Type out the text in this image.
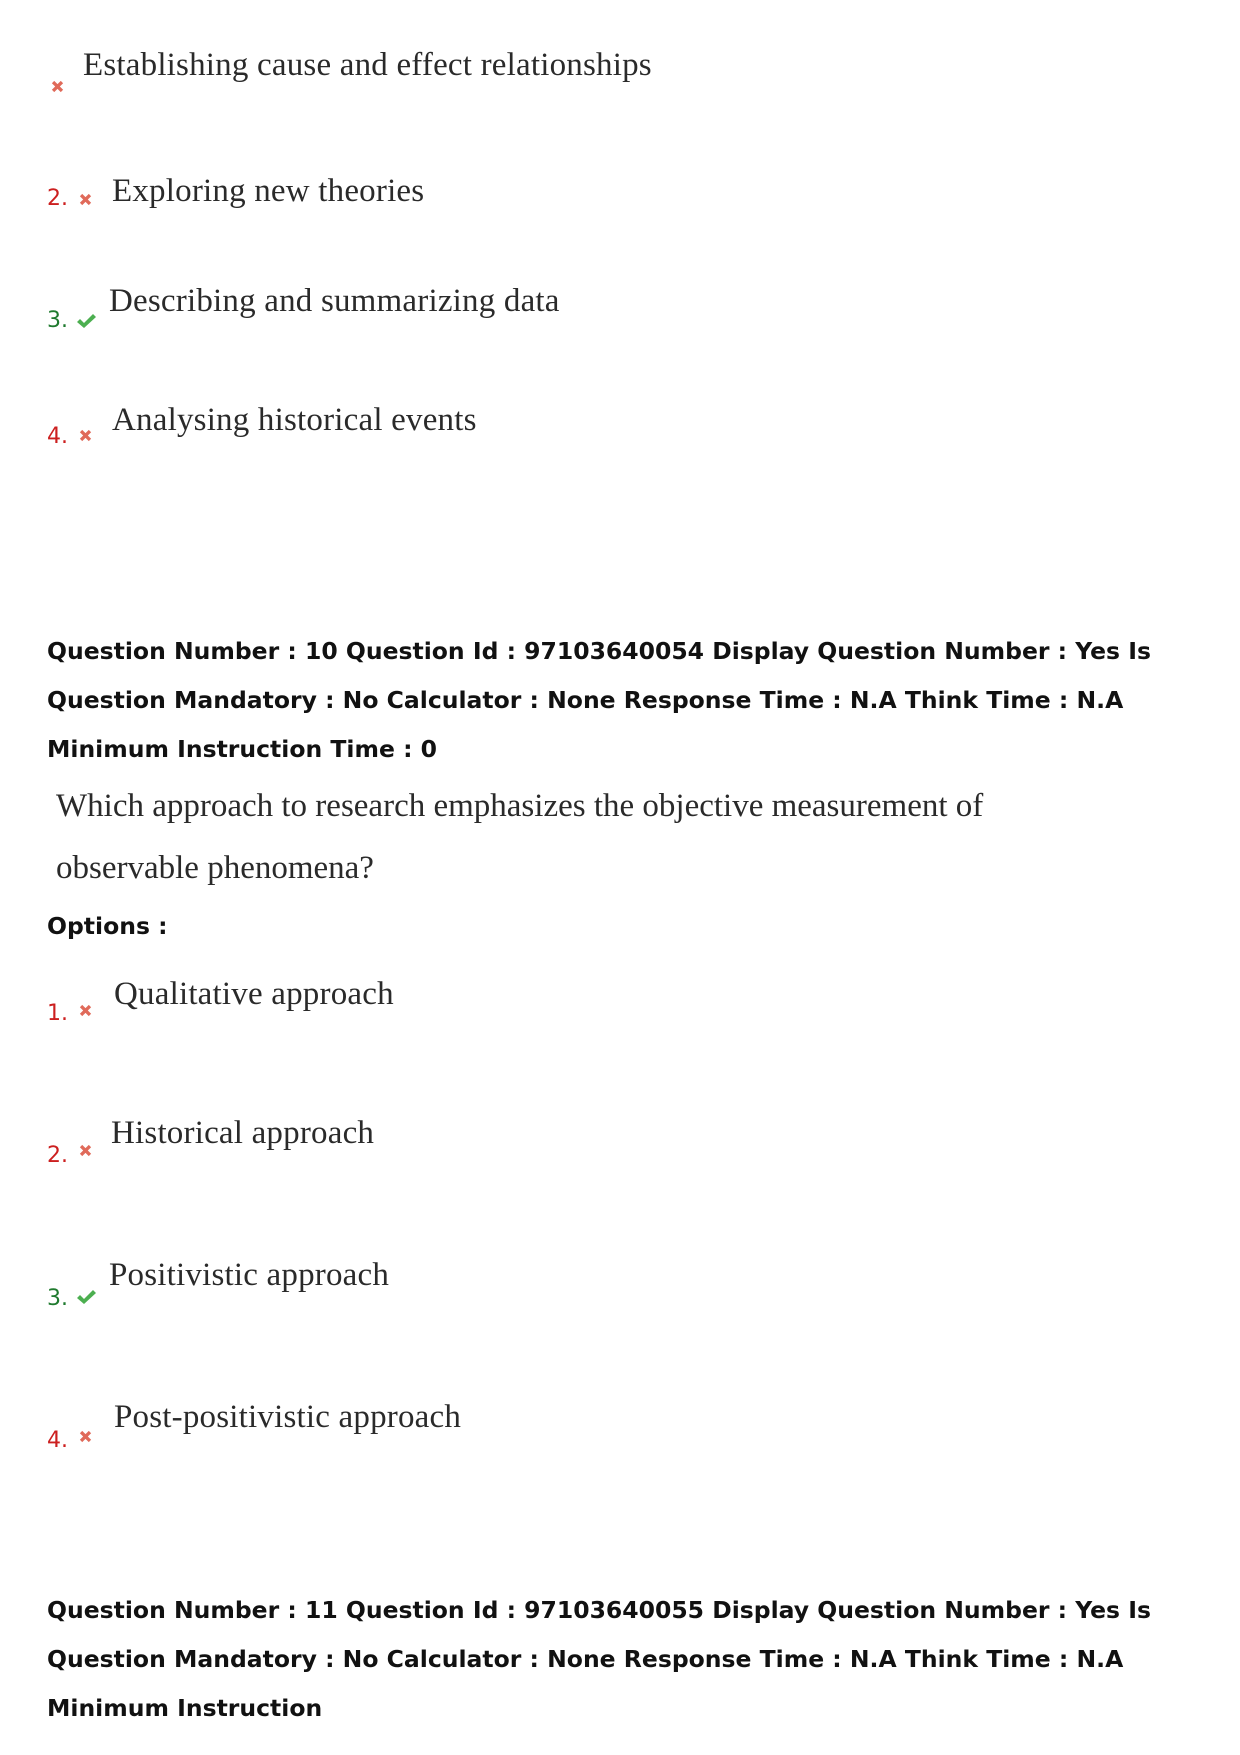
Establishing cause and effect relationships
2. Exploring new theories
3.
Describing and summarizing data
4. Analysing historical events
Question Number : 10 Question Id : 97103640054 Display Question Number : Yes Is Question Mandatory : No Calculator : None Response Time : N.A Think Time : N.A Minimum Instruction Time : 0
Which approach to research emphasizes the objective measurement of
observable phenomena?
Options :
1.
Qualitative approach
2.
Historical approach
3.
Positivistic approach
4.
Post-positivistic approach
Question Number : 11 Question Id : 97103640055 Display Question Number : Yes Is Question Mandatory : No Calculator : None Response Time : N.A Think Time : N.A Minimum Instruction
